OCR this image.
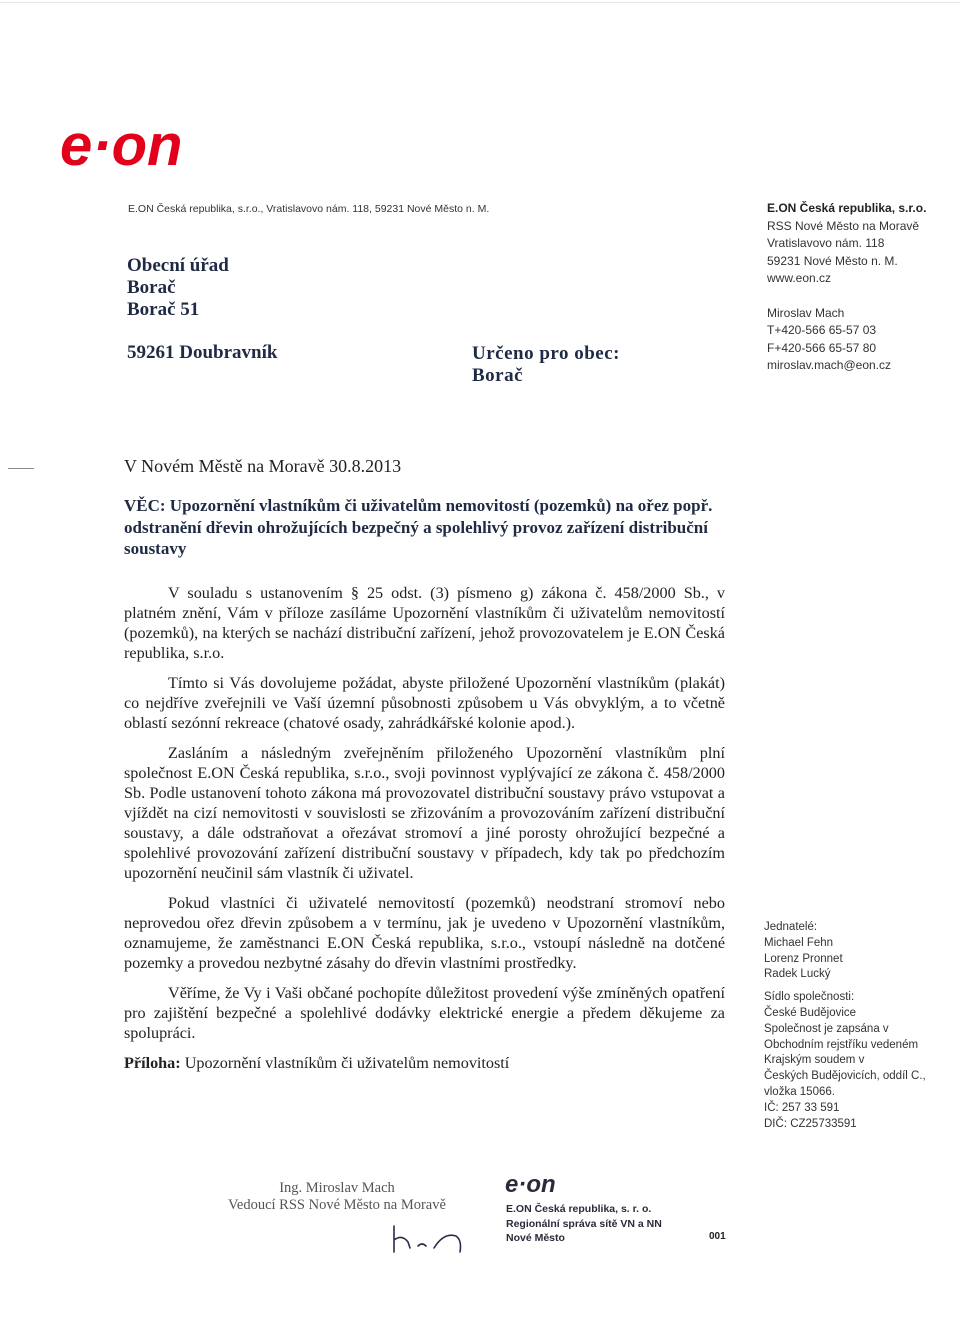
e·on
E.ON Česká republika, s.r.o., Vratislavovo nám. 118, 59231 Nové Město n. M.
Obecní úřad
Borač
Borač 51
59261 Doubravník	Určeno pro obec:
Borač
E.ON Česká republika, s.r.o.
RSS Nové Město na Moravě
Vratislavovo nám. 118
59231 Nové Město n. M.
www.eon.cz
Miroslav Mach
T+420-566 65-57 03
F+420-566 65-57 80
miroslav.mach@eon.cz
V Novém Městě na Moravě 30.8.2013
VĚC: Upozornění vlastníkům či uživatelům nemovitostí (pozemků) na ořez popř. odstranění dřevin ohrožujících bezpečný a spolehlivý provoz zařízení distribuční soustavy

V souladu s ustanovením § 25 odst. (3) písmeno g) zákona č. 458/2000 Sb., v platném znění, Vám v příloze zasíláme Upozornění vlastníkům či uživatelům nemovitostí (pozemků), na kterých se nachází distribuční zařízení, jehož provozovatelem je E.ON Česká republika, s.r.o.

Tímto si Vás dovolujeme požádat, abyste přiložené Upozornění vlastníkům (plakát) co nejdříve zveřejnili ve Vaší územní působnosti způsobem u Vás obvyklým, a to včetně oblastí sezónní rekreace (chatové osady, zahrádkářské kolonie apod.).

Zasláním a následným zveřejněním přiloženého Upozornění vlastníkům plní společnost E.ON Česká republika, s.r.o., svoji povinnost vyplývající ze zákona č. 458/2000 Sb. Podle ustanovení tohoto zákona má provozovatel distribuční soustavy právo vstupovat a vjíždět na cizí nemovitosti v souvislosti se zřizováním a provozováním zařízení distribuční soustavy, a dále odstraňovat a ořezávat stromoví a jiné porosty ohrožující bezpečné a spolehlivé provozování zařízení distribuční soustavy v případech, kdy tak po předchozím upozornění neučinil sám vlastník či uživatel.

Pokud vlastníci či uživatelé nemovitostí (pozemků) neodstraní stromoví nebo neprovedou ořez dřevin způsobem a v termínu, jak je uvedeno v Upozornění vlastníkům, oznamujeme, že zaměstnanci E.ON Česká republika, s.r.o., vstoupí následně na dotčené pozemky a provedou nezbytné zásahy do dřevin vlastními prostředky.

Věříme, že Vy i Vaši občané pochopíte důležitost provedení výše zmíněných opatření pro zajištění bezpečné a spolehlivé dodávky elektrické energie a předem děkujeme za spolupráci.

Příloha: Upozornění vlastníkům či uživatelům nemovitostí
Jednatelé:
Michael Fehn
Lorenz Pronnet
Radek Lucký
Sídlo společnosti:
České Budějovice
Společnost je zapsána v
Obchodním rejstříku vedeném
Krajským soudem v
Českých Budějovicích, oddíl C.,
vložka 15066.
IČ: 257 33 591
DIČ: CZ25733591
Ing. Miroslav Mach
Vedoucí RSS Nové Město na Moravě
e·on
E.ON Česká republika, s. r. o.
Regionální správa sítě VN a NN
Nové Město	001
